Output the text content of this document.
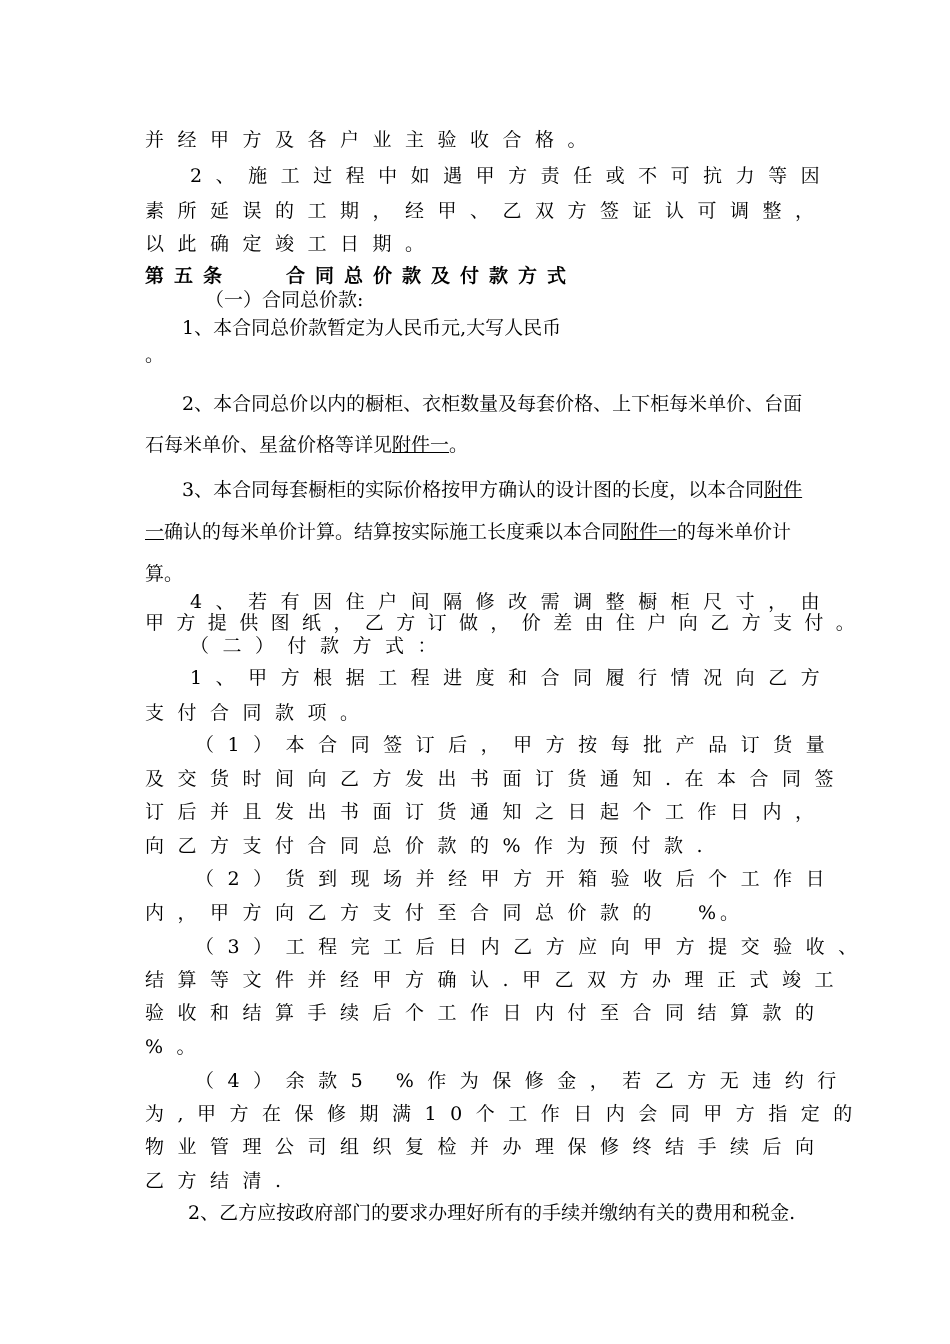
并经甲方及各户业主验收合格。
2、施工过程中如遇甲方责任或不可抗力等因
素所延误的工期，经甲、乙双方签证认可调整，
以此确定竣工日期。
第五条	合同总价款及付款方式
（一）合同总价款:
1、本合同总价款暂定为人民币元,大写人民币
。
2、本合同总价以内的橱柜、衣柜数量及每套价格、上下柜每米单价、台面
石每米单价、星盆价格等详见附件一。
3、本合同每套橱柜的实际价格按甲方确认的设计图的长度，以本合同附件
一确认的每米单价计算。结算按实际施工长度乘以本合同附件一的每米单价计
算。
4、若有因住户间隔修改需调整橱柜尺寸，由
甲方提供图纸，乙方订做，价差由住户向乙方支付。
（二）付款方式：
1、甲方根据工程进度和合同履行情况向乙方
支付合同款项。
（1）本合同签订后，甲方按每批产品订货量
及交货时间向乙方发出书面订货通知.在本合同签
订后并且发出书面订货通知之日起个工作日内，
向乙方支付合同总价款的%作为预付款.
（2）货到现场并经甲方开箱验收后个工作日
内，甲方向乙方支付至合同总价款的 %。
（3）工程完工后日内乙方应向甲方提交验收、
结算等文件并经甲方确认.甲乙双方办理正式竣工
验收和结算手续后个工作日内付至合同结算款的
%。
（4）余款5 %作为保修金，若乙方无违约行
为,甲方在保修期满10个工作日内会同甲方指定的
物业管理公司组织复检并办理保修终结手续后向
乙方结清.
2、乙方应按政府部门的要求办理好所有的手续并缴纳有关的费用和税金.
